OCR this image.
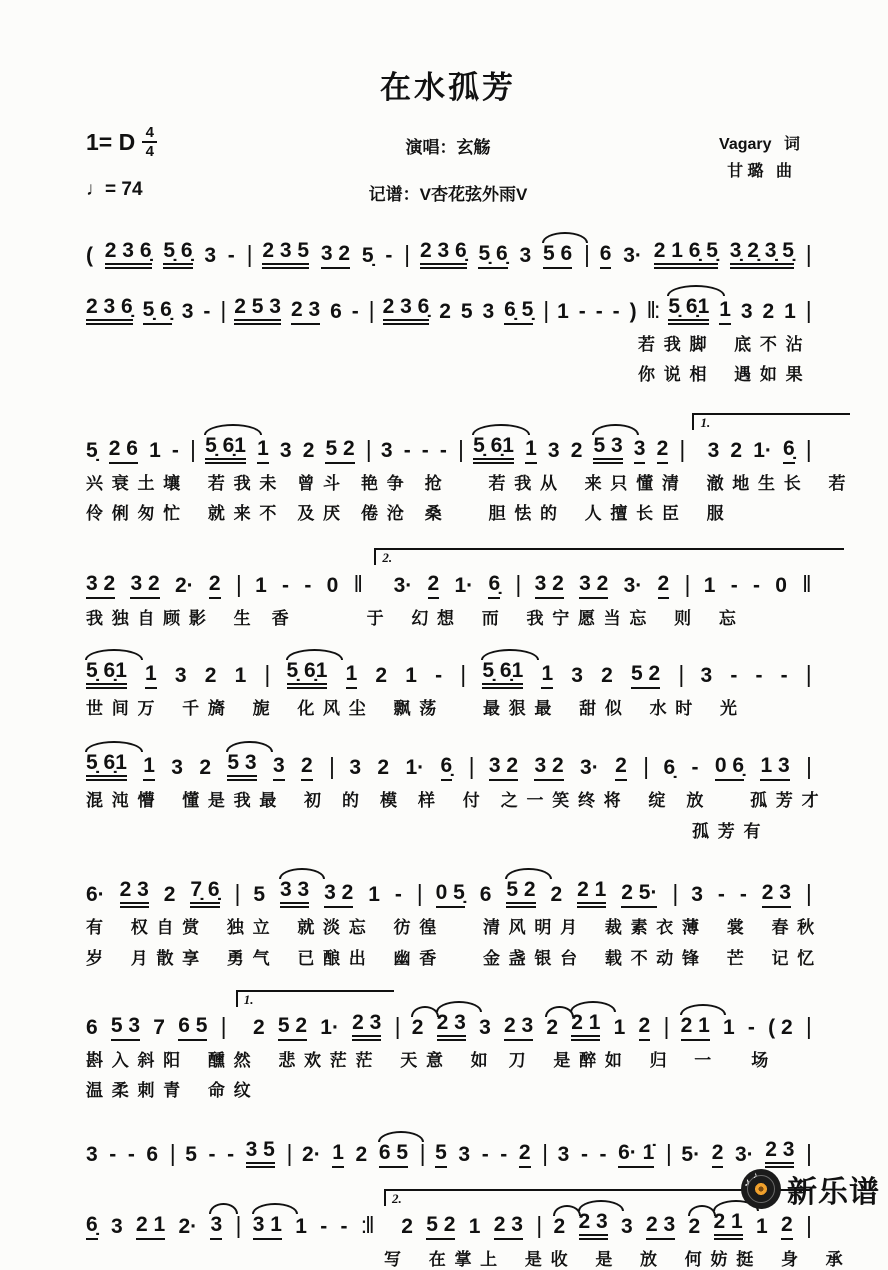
在水孤芳
1= D 4
4
♩= 74
演唱：玄觞
记谱：V杏花弦外雨V
Vagary 词
甘 璐 曲
( 2 3 6̣ 5̣ 6̣ 3 - | 2 3 5 3 2 5̣ - | 2 3 6̣ 5̣ 6̣ 3 5 6 | 6 3· 2 1 6̣ 5̣ 3̣ 2̣ 3̣ 5̣ |
2 3 6̣ 5̣ 6̣ 3 - | 2 5 3 2 3 6 - | 2 3 6̣ 2 5 3 6̣ 5̣ | 1 - - - ) ‖: 5̣ 6̣1 1 3 2 1 |
若 我 脚　 底 不 沾
你 说 相　 遇 如 果
5̣ 2 6 1 - | 5̣ 6̣1 1 3 2 5 2 | 3 - - - | 5̣ 6̣1 1 3 2 5 3 3 2 |
1.
3 2 1· 6̣ |
兴 衰 土 壤　 若 我 未　曾 斗　艳 争　抢　　 若 我 从　 来 只 懂 清　 澈 地 生 长　 若
伶 俐 匆 忙　 就 来 不　及 厌　倦 沧　桑　　 胆 怯 的　 人 擅 长 臣　 服
3 2 3 2 2· 2 | 1 - - 0 ‖
2.
3· 2 1· 6̣ | 3 2 3 2 3· 2 | 1 - - 0 ‖
我 独 自 顾 影　 生　香　　　　于　 幻 想　 而　 我 宁 愿 当 忘　 则　 忘
5̣ 6̣1 1 3 2 1 | 5̣ 6̣1 1 2 1 - | 5̣ 6̣1 1 3 2 5 2 | 3 - - - |
世 间 万　 千 旖　 旎　 化 风 尘　 飘 荡　　 最 狠 最　 甜 似　 水 时　 光
5̣ 6̣1 1 3 2 5 3 3 2 | 3 2 1· 6̣ | 3 2 3 2 3· 2 | 6̣ - 0 6̣ 1 3 |
混 沌 懵　 懂 是 我 最　 初　的　模　样　 付　之 一 笑 终 将　 绽　放　　 孤 芳 才
孤 芳 有
6· 2 3 2 7̣ 6̣ | 5 3 3 3 2 1 - | 0 5̣ 6 5 2 2 2 1 2 5· | 3 - - 2 3 |
有　 权 自 赏　 独 立　 就 淡 忘　 彷 徨　　 清 风 明 月　 裁 素 衣 薄　 裳　 春 秋
岁　 月 散 享　 勇 气　 已 酿 出　 幽 香　　 金 盏 银 台　 载 不 动 锋　 芒　 记 忆
6 5 3 7 6 5 |
1.
2 5 2 1· 2 3 | 2 2 3 3 2 3 2 2 1 1 2 | 2 1 1 - ( 2 |
斟 入 斜 阳　 醺 然　 悲 欢 茫 茫　 天 意　 如　刀　 是 醉 如　 归　 一　　场
温 柔 刺 青　 命 纹
3 - - 6 | 5 - - 3 5 | 2· 1 2 6 5 | 5 3 - - 2 | 3 - - 6· 1̇ | 5· 2 3· 2 3 |
6̣ 3 2 1 2· 3 | 3 1 1 - - :‖
2.
2 5 2 1 2 3 | 2 2 3 3 2 3 2 2 1 1 2 |
写　 在 掌 上　 是 收　 是　 放　 何 妨 挺　 身　 承
♪ ♪
新乐谱
